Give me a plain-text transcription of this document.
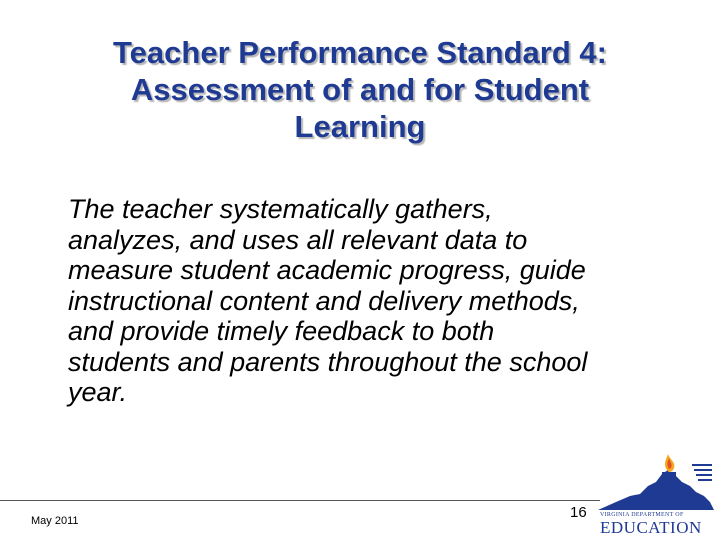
Teacher Performance Standard 4:
Assessment of and for Student
Learning
The teacher systematically gathers,
analyzes, and uses all relevant data to
measure student academic progress, guide
instructional content and delivery methods,
and provide timely feedback to both
students and parents throughout the school
year.
May 2011	16 VIRGINIA DEPARTMENT OF
EDUCATION
